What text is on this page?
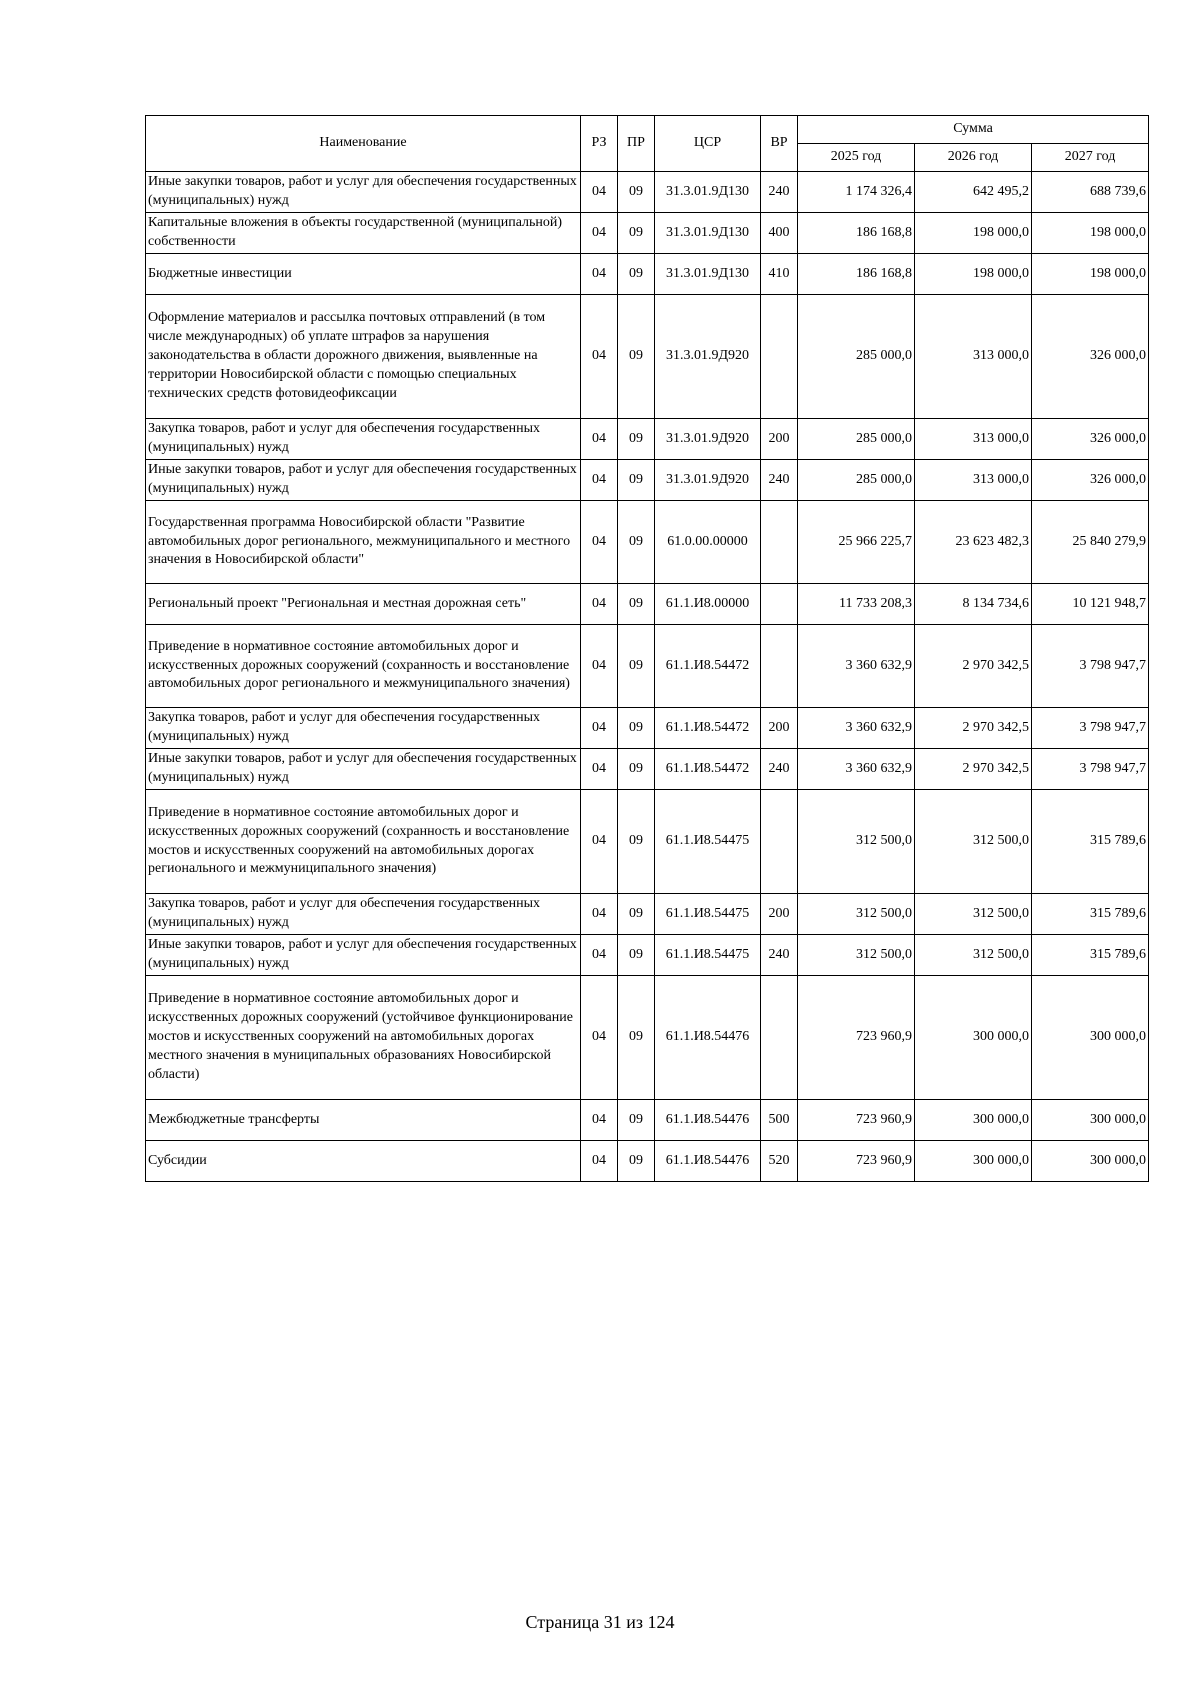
Наименование	РЗ	ПР	ЦСР	ВР	Сумма		
					2025 год	2026 год	2027 год
Иные закупки товаров, работ и услуг для обеспечения государственных (муниципальных) нужд	04	09	31.3.01.9Д130	240	1 174 326,4	642 495,2	688 739,6
Капитальные вложения в объекты государственной (муниципальной) собственности	04	09	31.3.01.9Д130	400	186 168,8	198 000,0	198 000,0
Бюджетные инвестиции	04	09	31.3.01.9Д130	410	186 168,8	198 000,0	198 000,0
Оформление материалов и рассылка почтовых отправлений (в том числе международных) об уплате штрафов за нарушения законодательства в области дорожного движения, выявленные на территории Новосибирской области с помощью специальных технических средств фотовидеофиксации	04	09	31.3.01.9Д920		285 000,0	313 000,0	326 000,0
Закупка товаров, работ и услуг для обеспечения государственных (муниципальных) нужд	04	09	31.3.01.9Д920	200	285 000,0	313 000,0	326 000,0
Иные закупки товаров, работ и услуг для обеспечения государственных (муниципальных) нужд	04	09	31.3.01.9Д920	240	285 000,0	313 000,0	326 000,0
Государственная программа Новосибирской области "Развитие автомобильных дорог регионального, межмуниципального и местного значения в Новосибирской области"	04	09	61.0.00.00000		25 966 225,7	23 623 482,3	25 840 279,9
Региональный проект "Региональная и местная дорожная сеть"	04	09	61.1.И8.00000		11 733 208,3	8 134 734,6	10 121 948,7
Приведение в нормативное состояние автомобильных дорог и искусственных дорожных сооружений (сохранность и восстановление автомобильных дорог регионального и межмуниципального значения)	04	09	61.1.И8.54472		3 360 632,9	2 970 342,5	3 798 947,7
Закупка товаров, работ и услуг для обеспечения государственных (муниципальных) нужд	04	09	61.1.И8.54472	200	3 360 632,9	2 970 342,5	3 798 947,7
Иные закупки товаров, работ и услуг для обеспечения государственных (муниципальных) нужд	04	09	61.1.И8.54472	240	3 360 632,9	2 970 342,5	3 798 947,7
Приведение в нормативное состояние автомобильных дорог и искусственных дорожных сооружений (сохранность и восстановление мостов и искусственных сооружений на автомобильных дорогах регионального и межмуниципального значения)	04	09	61.1.И8.54475		312 500,0	312 500,0	315 789,6
Закупка товаров, работ и услуг для обеспечения государственных (муниципальных) нужд	04	09	61.1.И8.54475	200	312 500,0	312 500,0	315 789,6
Иные закупки товаров, работ и услуг для обеспечения государственных (муниципальных) нужд	04	09	61.1.И8.54475	240	312 500,0	312 500,0	315 789,6
Приведение в нормативное состояние автомобильных дорог и искусственных дорожных сооружений (устойчивое функционирование мостов и искусственных сооружений на автомобильных дорогах местного значения в муниципальных образованиях Новосибирской области)	04	09	61.1.И8.54476		723 960,9	300 000,0	300 000,0
Межбюджетные трансферты	04	09	61.1.И8.54476	500	723 960,9	300 000,0	300 000,0
Субсидии	04	09	61.1.И8.54476	520	723 960,9	300 000,0	300 000,0
Страница 31 из 124
